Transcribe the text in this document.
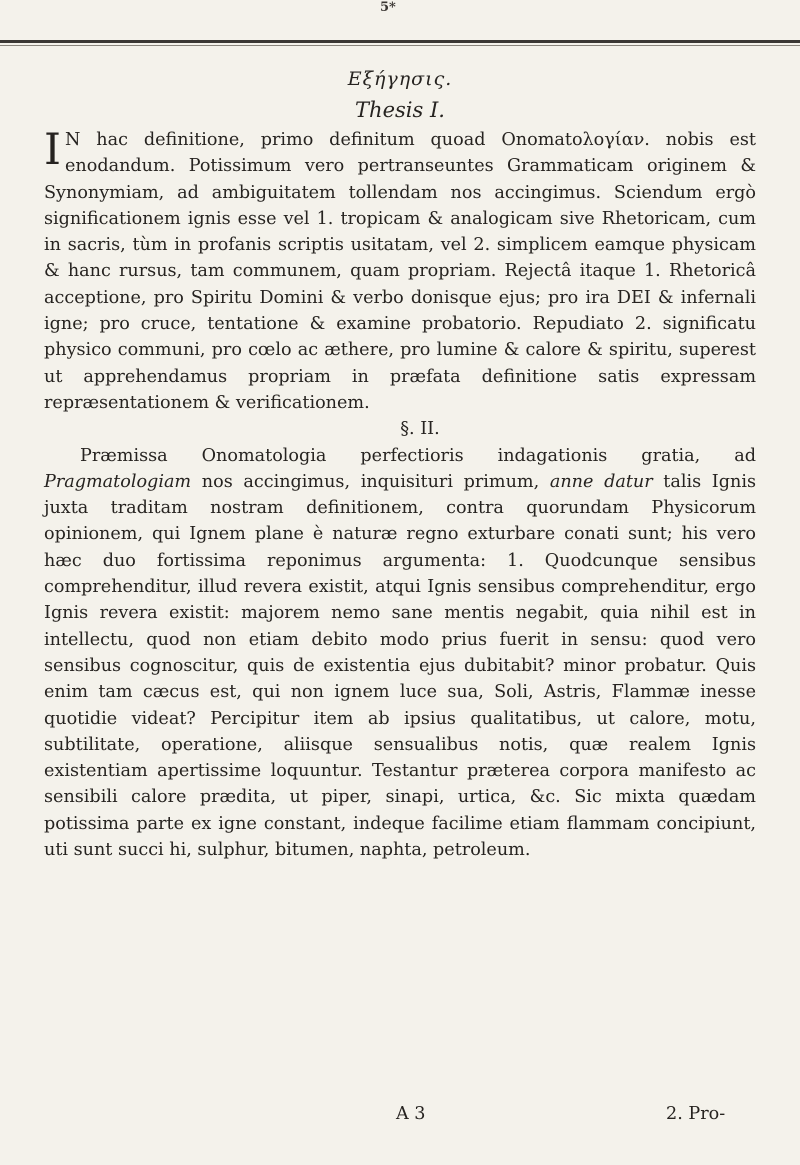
5*
Εξήγησις.
Thesis I.

I N hac definitione, primo definitum quoad Onomatoλογίαν. nobis est enodandum. Potissimum vero pertranseuntes Grammaticam originem & Synonymiam, ad ambiguitatem tollendam nos accingimus. Sciendum ergò significationem ignis esse vel 1. tropicam & analogicam sive Rhetoricam, cum in sacris, tùm in profanis scriptis usitatam, vel 2. simplicem eamque physicam & hanc rursus, tam communem, quam propriam. Rejectâ itaque 1. Rhetoricâ acceptione, pro Spiritu Domini & verbo donisque ejus; pro ira DEI & infernali igne; pro cruce, tentatione & examine probatorio. Repudiato 2. significatu physico communi, pro cœlo ac æthere, pro lumine & calore & spiritu, superest ut apprehendamus propriam in præfata definitione satis expressam repræsentationem & verificationem.

§. II.

Præmissa Onomatologia perfectioris indagationis gratia, ad Pragmatologiam nos accingimus, inquisituri primum, anne datur talis Ignis juxta traditam nostram definitionem, contra quorundam Physicorum opinionem, qui Ignem plane è naturæ regno exturbare conati sunt; his vero hæc duo fortissima reponimus argumenta: 1. Quodcunque sensibus comprehenditur, illud revera existit, atqui Ignis sensibus comprehenditur, ergo Ignis revera existit: majorem nemo sane mentis negabit, quia nihil est in intellectu, quod non etiam debito modo prius fuerit in sensu: quod vero sensibus cognoscitur, quis de existentia ejus dubitabit? minor probatur. Quis enim tam cæcus est, qui non ignem luce sua, Soli, Astris, Flammæ inesse quotidie videat? Percipitur item ab ipsius qualitatibus, ut calore, motu, subtilitate, operatione, aliisque sensualibus notis, quæ realem Ignis existentiam apertissime loquuntur. Testantur præterea corpora manifesto ac sensibili calore prædita, ut piper, sinapi, urtica, &c. Sic mixta quædam potissima parte ex igne constant, indeque facilime etiam flammam concipiunt, uti sunt succi hi, sulphur, bitumen, naphta, petroleum.

A 3	2. Pro-
